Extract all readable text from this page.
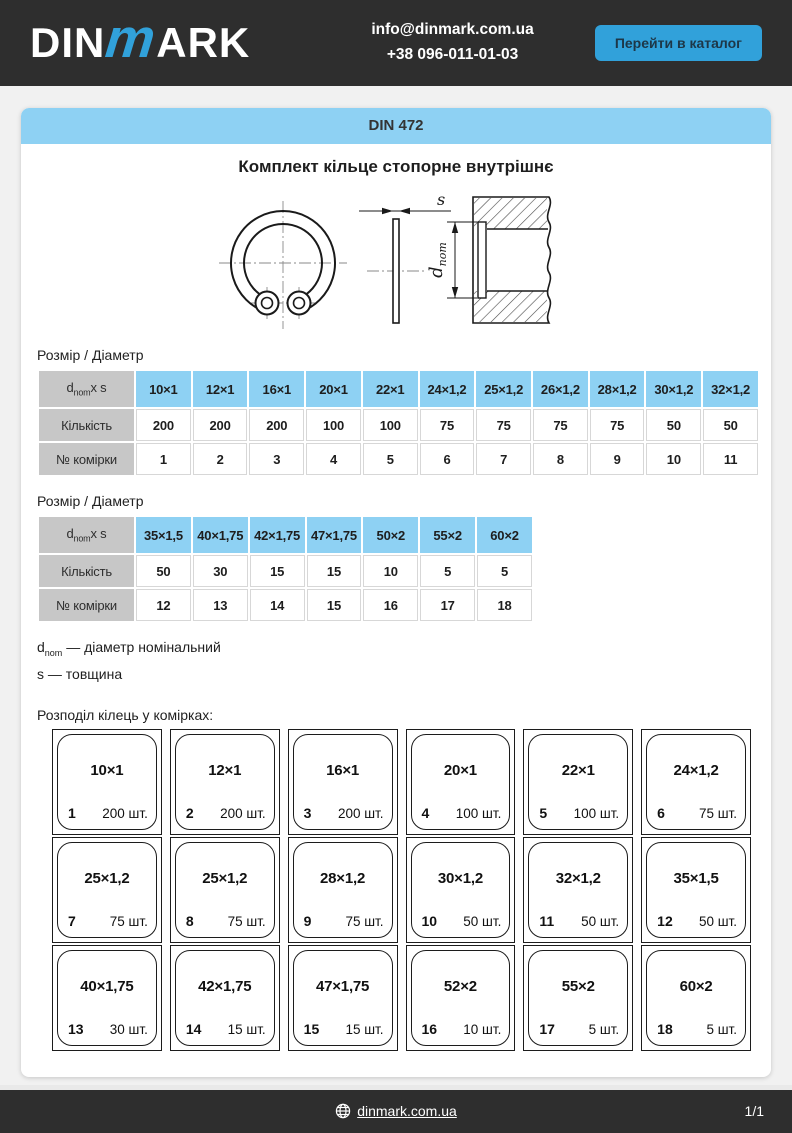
DINmARK	info@dinmark.com.ua
+38 096-011-01-03
Перейти в каталог
DIN 472
Комплект кільце стопорне внутрішнє
s
$d_{nom}$
Розмір / Діаметр
$d_{nom}x$ s	10×1	12×1	16×1	20×1	22×1	24×1,2	25×1,2	26×1,2	28×1,2	30×1,2	32×1,2
Кількість	200	200	200	100	100	75	75	75	75	50	50
№ комірки	1	2	3	4	5	6	7	8	9	10	11
Розмір / Діаметр
$d_{nom}x$ s	35×1,5	40×1,75	42×1,75	47×1,75	50×2	55×2	60×2
Кількість	50	30	15	15	10	5	5
№ комірки	12	13	14	15	16	17	18
$d_{nom}$ — діаметр номінальний
s — товщина
Розподіл кілець у комірках:
10×1
1 200 шт.
12×1
2 200 шт.
16×1
3 200 шт.
20×1
4 100 шт.
22×1
5 100 шт.
24×1,2
6	75 шт.
25×1,2
7	75 шт.
25×1,2
8	75 шт.
28×1,2
9	75 шт.
30×1,2
10 50 шт.
32×1,2
11 50 шт.
35×1,5
12 50 шт.
40×1,75
13 30 шт.
42×1,75
14 15 шт.
47×1,75
15 15 шт.
52×2
16 10 шт.
55×2
17 5 шт.
60×2
18 5 шт.
dinmark.com.ua	1/1
